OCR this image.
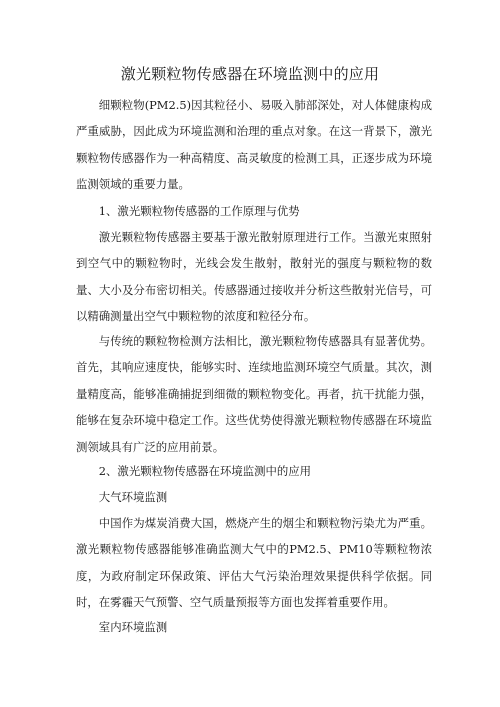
激光颗粒物传感器在环境监测中的应用

细颗粒物(PM2.5)因其粒径小、易吸入肺部深处，对人体健康构成严重威胁，因此成为环境监测和治理的重点对象。在这一背景下，激光颗粒物传感器作为一种高精度、高灵敏度的检测工具，正逐步成为环境监测领域的重要力量。

1、激光颗粒物传感器的工作原理与优势

激光颗粒物传感器主要基于激光散射原理进行工作。当激光束照射到空气中的颗粒物时，光线会发生散射，散射光的强度与颗粒物的数量、大小及分布密切相关。传感器通过接收并分析这些散射光信号，可以精确测量出空气中颗粒物的浓度和粒径分布。

与传统的颗粒物检测方法相比，激光颗粒物传感器具有显著优势。首先，其响应速度快，能够实时、连续地监测环境空气质量。其次，测量精度高，能够准确捕捉到细微的颗粒物变化。再者，抗干扰能力强，能够在复杂环境中稳定工作。这些优势使得激光颗粒物传感器在环境监测领域具有广泛的应用前景。

2、激光颗粒物传感器在环境监测中的应用

大气环境监测

中国作为煤炭消费大国，燃烧产生的烟尘和颗粒物污染尤为严重。激光颗粒物传感器能够准确监测大气中的PM2.5、PM10等颗粒物浓度，为政府制定环保政策、评估大气污染治理效果提供科学依据。同时，在雾霾天气预警、空气质量预报等方面也发挥着重要作用。

室内环境监测
